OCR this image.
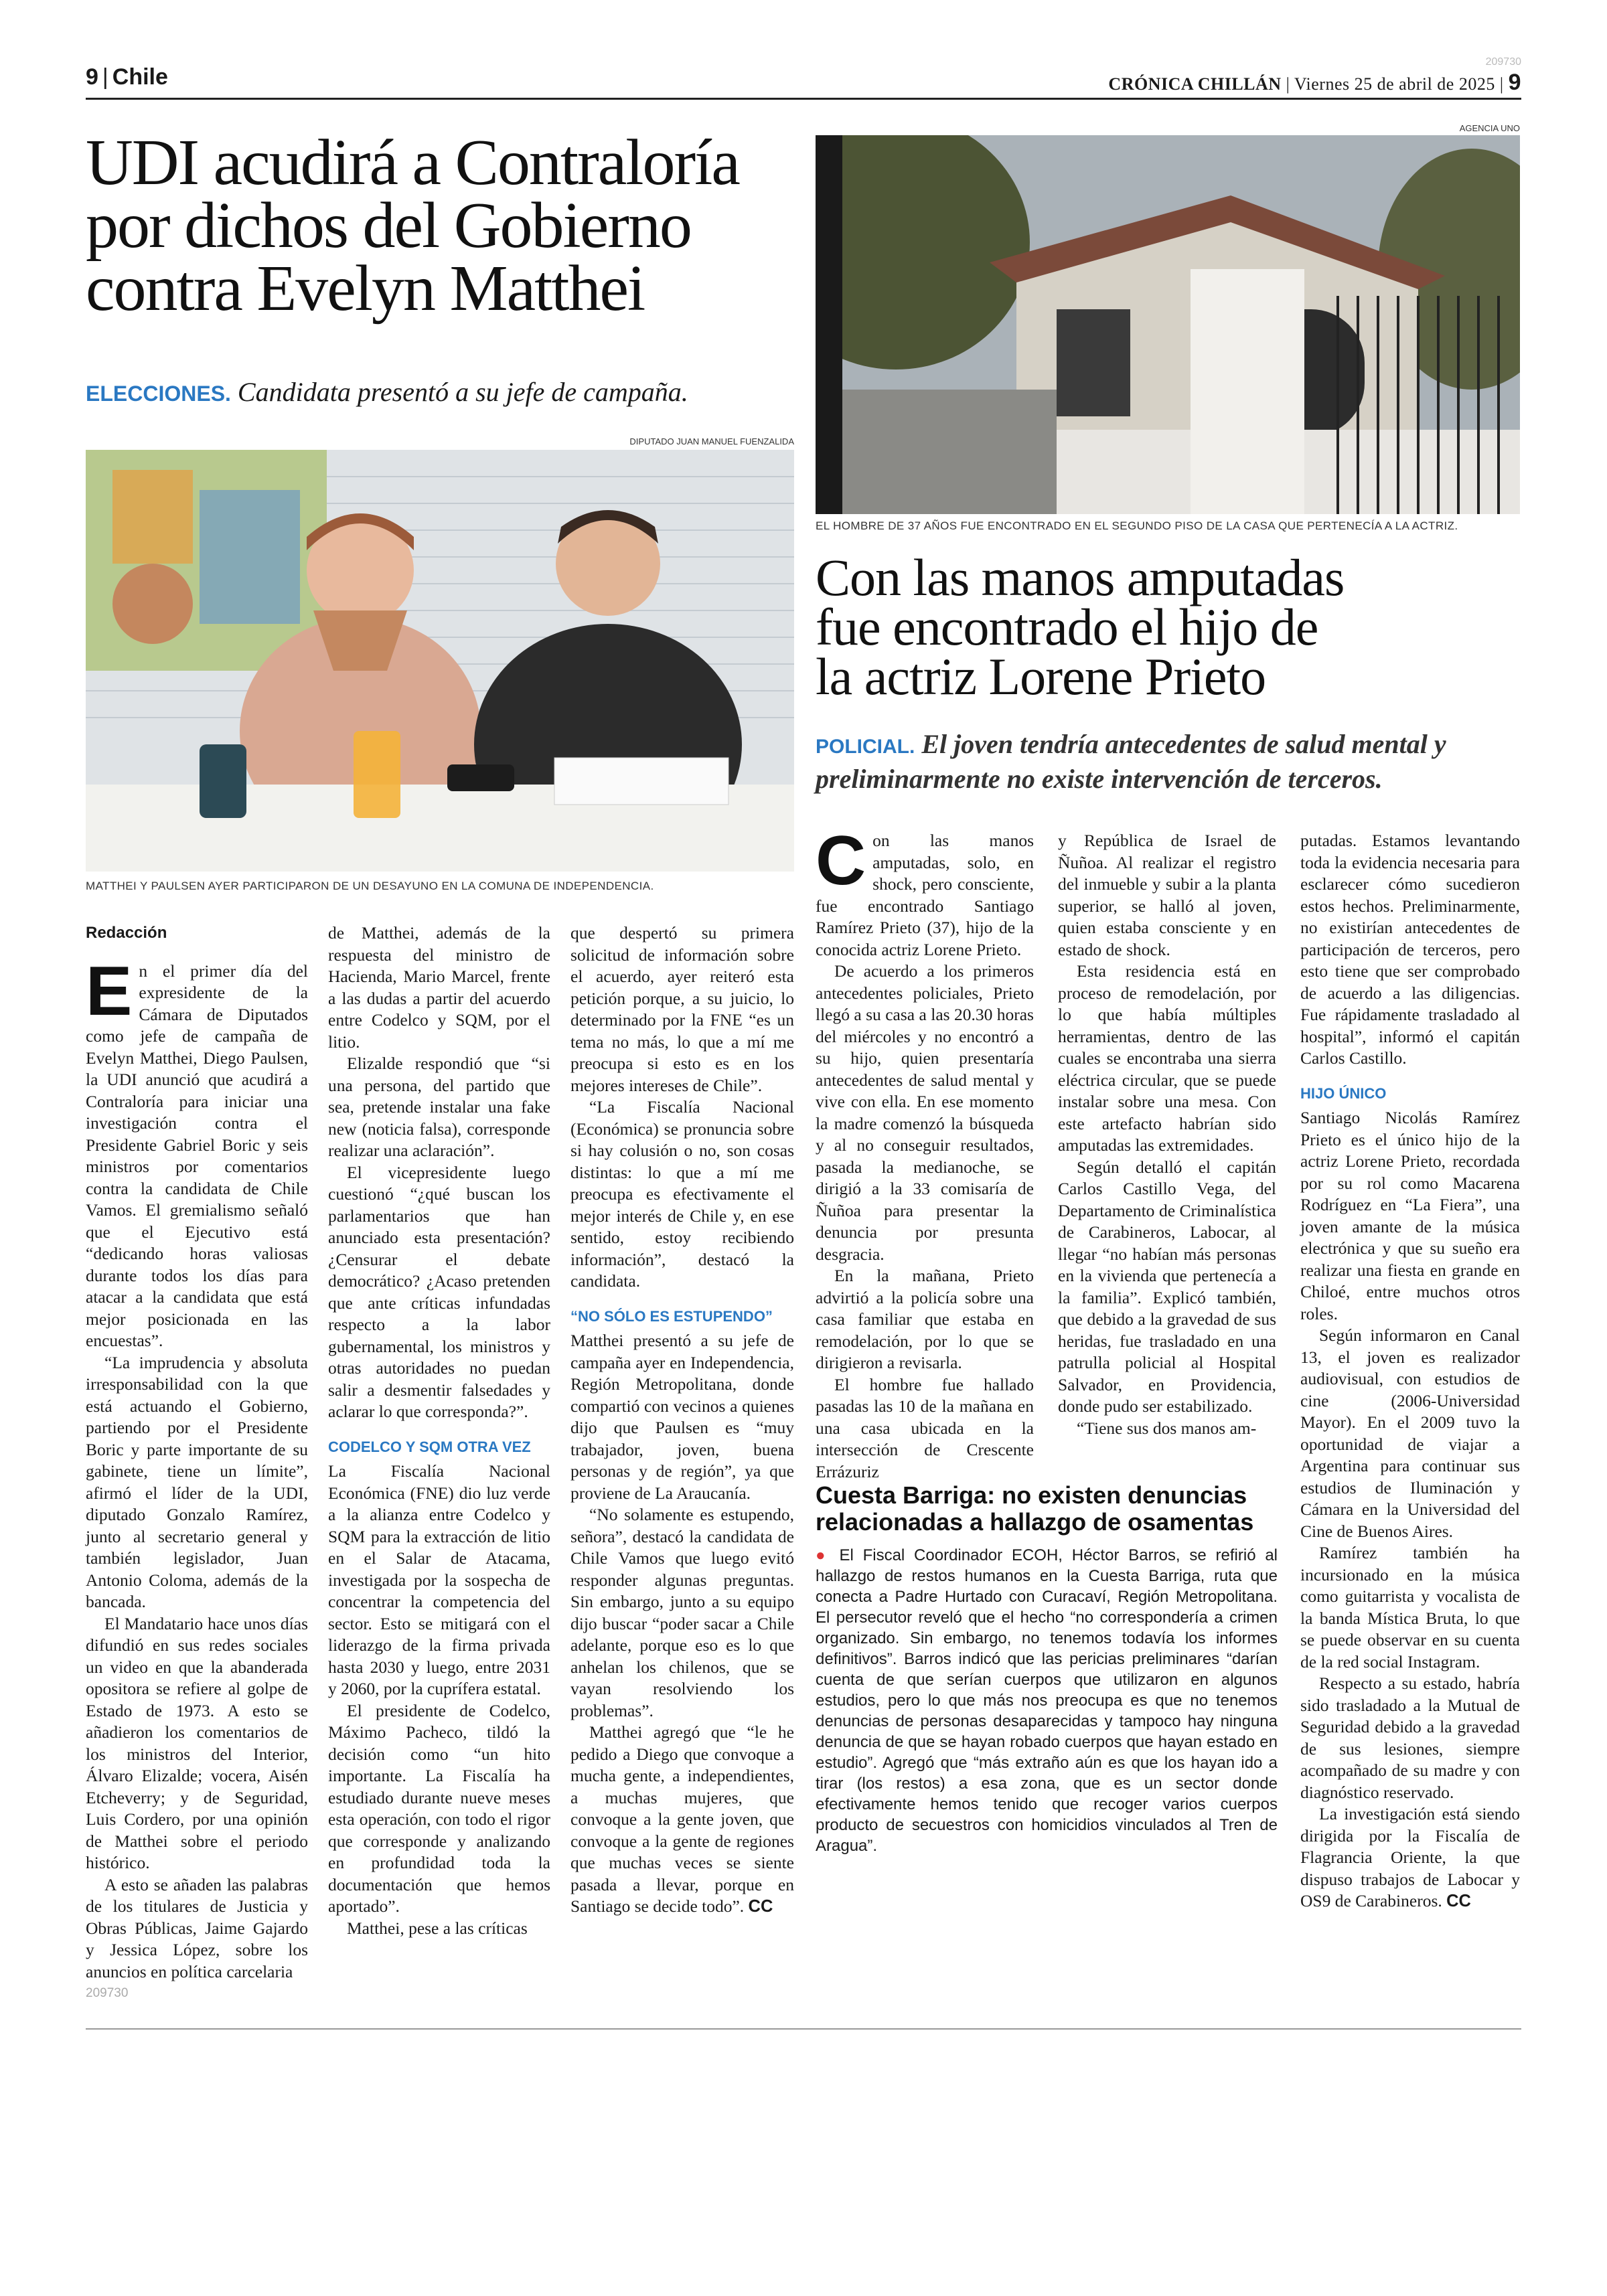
9 | Chile
209730
CRÓNICA CHILLÁN | Viernes 25 de abril de 2025 | 9
UDI acudirá a Contraloría
por dichos del Gobierno
contra Evelyn Matthei
ELECCIONES. Candidata presentó a su jefe de campaña.
DIPUTADO JUAN MANUEL FUENZALIDA
MATTHEI Y PAULSEN AYER PARTICIPARON DE UN DESAYUNO EN LA COMUNA DE INDEPENDENCIA.

Redacción

En el primer día del expresidente de la Cámara de Diputados como jefe de campaña de Evelyn Matthei, Diego Paulsen, la UDI anunció que acudirá a Contraloría para iniciar una investigación contra el Presidente Gabriel Boric y seis ministros por comentarios contra la candidata de Chile Vamos. El gremialismo señaló que el Ejecutivo está “dedicando horas valiosas durante todos los días para atacar a la candidata que está mejor posicionada en las encuestas”.

“La imprudencia y absoluta irresponsabilidad con la que está actuando el Gobierno, partiendo por el Presidente Boric y parte importante de su gabinete, tiene un límite”, afirmó el líder de la UDI, diputado Gonzalo Ramírez, junto al secretario general y también legislador, Juan Antonio Coloma, además de la bancada.

El Mandatario hace unos días difundió en sus redes sociales un video en que la abanderada opositora se refiere al golpe de Estado de 1973. A esto se añadieron los comentarios de los ministros del Interior, Álvaro Elizalde; vocera, Aisén Etcheverry; y de Seguridad, Luis Cordero, por una opinión de Matthei sobre el periodo histórico.

A esto se añaden las palabras de los titulares de Justicia y Obras Públicas, Jaime Gajardo y Jessica López, sobre los anuncios en política carcelaria

209730

de Matthei, además de la respuesta del ministro de Hacienda, Mario Marcel, frente a las dudas a partir del acuerdo entre Codelco y SQM, por el litio.

Elizalde respondió que “si una persona, del partido que sea, pretende instalar una fake new (noticia falsa), corresponde realizar una aclaración”.

El vicepresidente luego cuestionó “¿qué buscan los parlamentarios que han anunciado esta presentación? ¿Censurar el debate democrático? ¿Acaso pretenden que ante críticas infundadas respecto a la labor gubernamental, los ministros y otras autoridades no puedan salir a desmentir falsedades y aclarar lo que corresponda?”.

CODELCO Y SQM OTRA VEZ

La Fiscalía Nacional Económica (FNE) dio luz verde a la alianza entre Codelco y SQM para la extracción de litio en el Salar de Atacama, investigada por la sospecha de concentrar la competencia del sector. Esto se mitigará con el liderazgo de la firma privada hasta 2030 y luego, entre 2031 y 2060, por la cuprífera estatal.

El presidente de Codelco, Máximo Pacheco, tildó la decisión como “un hito importante. La Fiscalía ha estudiado durante nueve meses esta operación, con todo el rigor que corresponde y analizando en profundidad toda la documentación que hemos aportado”.

Matthei, pese a las críticas

que despertó su primera solicitud de información sobre el acuerdo, ayer reiteró esta petición porque, a su juicio, lo determinado por la FNE “es un tema no más, lo que a mí me preocupa si esto es en los mejores intereses de Chile”.

“La Fiscalía Nacional (Económica) se pronuncia sobre si hay colusión o no, son cosas distintas: lo que a mí me preocupa es efectivamente el mejor interés de Chile y, en ese sentido, estoy recibiendo información”, destacó la candidata.

“NO SÓLO ES ESTUPENDO”

Matthei presentó a su jefe de campaña ayer en Independencia, Región Metropolitana, donde compartió con vecinos a quienes dijo que Paulsen es “muy trabajador, joven, buena personas y de región”, ya que proviene de La Araucanía.

“No solamente es estupendo, señora”, destacó la candidata de Chile Vamos que luego evitó responder algunas preguntas. Sin embargo, junto a su equipo dijo buscar “poder sacar a Chile adelante, porque eso es lo que anhelan los chilenos, que se vayan resolviendo los problemas”.

Matthei agregó que “le he pedido a Diego que convoque a mucha gente, a independientes, a muchas mujeres, que convoque a la gente joven, que convoque a la gente de regiones que muchas veces se siente pasada a llevar, porque en Santiago se decide todo”. CC

AGENCIA UNO
EL HOMBRE DE 37 AÑOS FUE ENCONTRADO EN EL SEGUNDO PISO DE LA CASA QUE PERTENECÍA A LA ACTRIZ.
Con las manos amputadas
fue encontrado el hijo de
la actriz Lorene Prieto
POLICIAL. El joven tendría antecedentes de salud mental y preliminarmente no existe intervención de terceros.

Con las manos amputadas, solo, en shock, pero consciente, fue encontrado Santiago Ramírez Prieto (37), hijo de la conocida actriz Lorene Prieto.

De acuerdo a los primeros antecedentes policiales, Prieto llegó a su casa a las 20.30 horas del miércoles y no encontró a su hijo, quien presentaría antecedentes de salud mental y vive con ella. En ese momento la madre comenzó la búsqueda y al no conseguir resultados, pasada la medianoche, se dirigió a la 33 comisaría de Ñuñoa para presentar la denuncia por presunta desgracia.

En la mañana, Prieto advirtió a la policía sobre una casa familiar que estaba en remodelación, por lo que se dirigieron a revisarla.

El hombre fue hallado pasadas las 10 de la mañana en una casa ubicada en la intersección de Crescente Errázuriz

y República de Israel de Ñuñoa. Al realizar el registro del inmueble y subir a la planta superior, se halló al joven, quien estaba consciente y en estado de shock.

Esta residencia está en proceso de remodelación, por lo que había múltiples herramientas, dentro de las cuales se encontraba una sierra eléctrica circular, que se puede instalar sobre una mesa. Con este artefacto habrían sido amputadas las extremidades.

Según detalló el capitán Carlos Castillo Vega, del Departamento de Criminalística de Carabineros, Labocar, al llegar “no habían más personas en la vivienda que pertenecía a la familia”. Explicó también, que debido a la gravedad de sus heridas, fue trasladado en una patrulla policial al Hospital Salvador, en Providencia, donde pudo ser estabilizado.

“Tiene sus dos manos am-

putadas. Estamos levantando toda la evidencia necesaria para esclarecer cómo sucedieron estos hechos. Preliminarmente, no existirían antecedentes de participación de terceros, pero esto tiene que ser comprobado de acuerdo a las diligencias. Fue rápidamente trasladado al hospital”, informó el capitán Carlos Castillo.

HIJO ÚNICO

Santiago Nicolás Ramírez Prieto es el único hijo de la actriz Lorene Prieto, recordada por su rol como Macarena Rodríguez en “La Fiera”, una joven amante de la música electrónica y que su sueño era realizar una fiesta en grande en Chiloé, entre muchos otros roles.

Según informaron en Canal 13, el joven es realizador audiovisual, con estudios de cine (2006-Universidad Mayor). En el 2009 tuvo la oportunidad de viajar a Argentina para continuar sus estudios de Iluminación y Cámara en la Universidad del Cine de Buenos Aires.

Ramírez también ha incursionado en la música como guitarrista y vocalista de la banda Mística Bruta, lo que se puede observar en su cuenta de la red social Instagram.

Respecto a su estado, habría sido trasladado a la Mutual de Seguridad debido a la gravedad de sus lesiones, siempre acompañado de su madre y con diagnóstico reservado.

La investigación está siendo dirigida por la Fiscalía de Flagrancia Oriente, la que dispuso trabajos de Labocar y OS9 de Carabineros. CC

Cuesta Barriga: no existen denuncias relacionadas a hallazgo de osamentas
● El Fiscal Coordinador ECOH, Héctor Barros, se refirió al hallazgo de restos humanos en la Cuesta Barriga, ruta que conecta a Padre Hurtado con Curacaví, Región Metropolitana. El persecutor reveló que el hecho “no correspondería a crimen organizado. Sin embargo, no tenemos todavía los informes definitivos”. Barros indicó que las pericias preliminares “darían cuenta de que serían cuerpos que utilizaron en algunos estudios, pero lo que más nos preocupa es que no tenemos denuncias de personas desaparecidas y tampoco hay ninguna denuncia de que se hayan robado cuerpos que hayan estado en estudio”. Agregó que “más extraño aún es que los hayan ido a tirar (los restos) a esa zona, que es un sector donde efectivamente hemos tenido que recoger varios cuerpos producto de secuestros con homicidios vinculados al Tren de Aragua”.
